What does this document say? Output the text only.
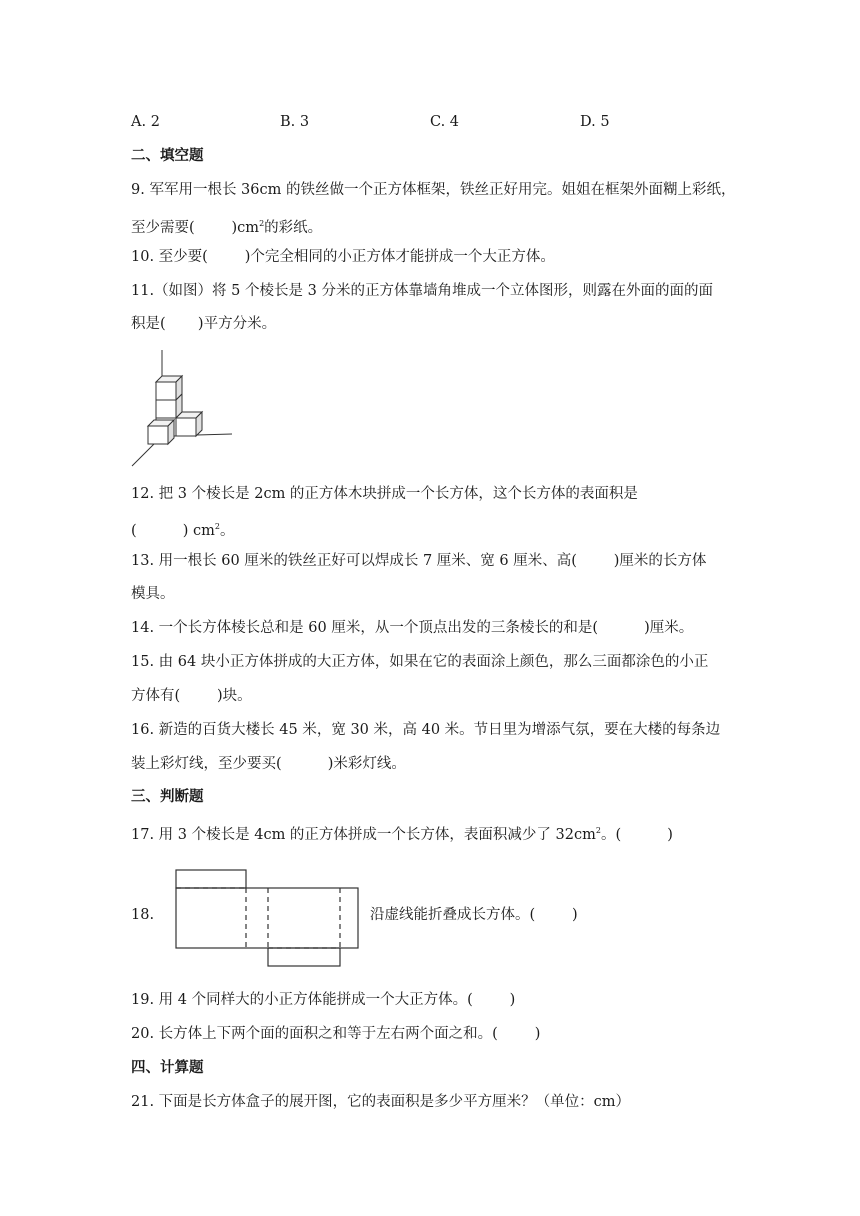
A. 2	B. 3	C. 4	D. 5
二、填空题
9. 军军用一根长 36cm 的铁丝做一个正方体框架，铁丝正好用完。姐姐在框架外面糊上彩纸，
至少需要(        )$cm^2$的彩纸。
10. 至少要(        )个完全相同的小正方体才能拼成一个大正方体。
11.（如图）将 5 个棱长是 3 分米的正方体靠墙角堆成一个立体图形，则露在外面的面的面
积是(       )平方分米。
12. 把 3 个棱长是 2cm 的正方体木块拼成一个长方体，这个长方体的表面积是
(          ) $cm^2$。
13. 用一根长 60 厘米的铁丝正好可以焊成长 7 厘米、宽 6 厘米、高(        )厘米的长方体
模具。
14. 一个长方体棱长总和是 60 厘米，从一个顶点出发的三条棱长的和是(          )厘米。
15. 由 64 块小正方体拼成的大正方体，如果在它的表面涂上颜色，那么三面都涂色的小正
方体有(        )块。
16. 新造的百货大楼长 45 米，宽 30 米，高 40 米。节日里为增添气氛，要在大楼的每条边
装上彩灯线，至少要买(          )米彩灯线。
三、判断题
17. 用 3 个棱长是 4cm 的正方体拼成一个长方体，表面积减少了 $32cm^2$。(          )
18.	沿虚线能折叠成长方体。(        )
19. 用 4 个同样大的小正方体能拼成一个大正方体。(        )
20. 长方体上下两个面的面积之和等于左右两个面之和。(        )
四、计算题
21. 下面是长方体盒子的展开图，它的表面积是多少平方厘米？（单位：cm）
